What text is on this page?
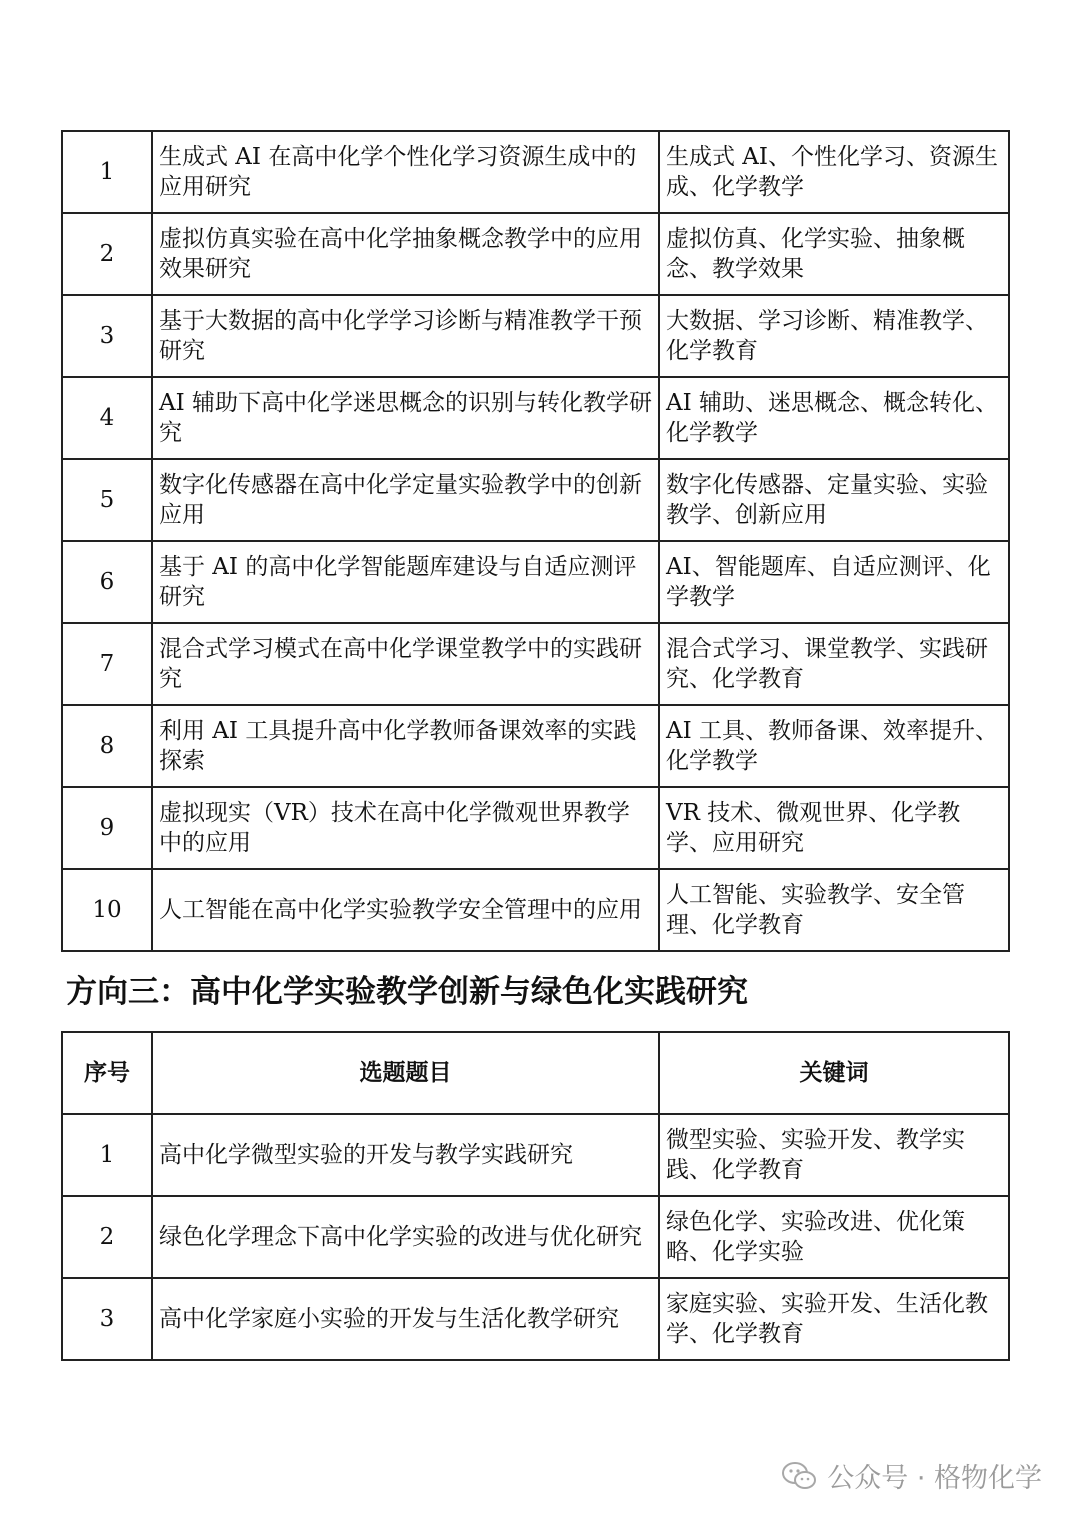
1	生成式 AI 在高中化学个性化学习资源生成中的应用研究	生成式 AI、个性化学习、资源生成、化学教学
2	虚拟仿真实验在高中化学抽象概念教学中的应用效果研究	虚拟仿真、化学实验、抽象概念、教学效果
3	基于大数据的高中化学学习诊断与精准教学干预研究	大数据、学习诊断、精准教学、化学教育
4	AI 辅助下高中化学迷思概念的识别与转化教学研究	AI 辅助、迷思概念、概念转化、化学教学
5	数字化传感器在高中化学定量实验教学中的创新应用	数字化传感器、定量实验、实验教学、创新应用
6	基于 AI 的高中化学智能题库建设与自适应测评研究	AI、智能题库、自适应测评、化学教学
7	混合式学习模式在高中化学课堂教学中的实践研究	混合式学习、课堂教学、实践研究、化学教育
8	利用 AI 工具提升高中化学教师备课效率的实践探索	AI 工具、教师备课、效率提升、化学教学
9	虚拟现实（VR）技术在高中化学微观世界教学中的应用	VR 技术、微观世界、化学教学、应用研究
10	人工智能在高中化学实验教学安全管理中的应用	人工智能、实验教学、安全管理、化学教育
方向三：高中化学实验教学创新与绿色化实践研究
序号	选题题目	关键词
1	高中化学微型实验的开发与教学实践研究	微型实验、实验开发、教学实践、化学教育
2	绿色化学理念下高中化学实验的改进与优化研究	绿色化学、实验改进、优化策略、化学实验
3	高中化学家庭小实验的开发与生活化教学研究	家庭实验、实验开发、生活化教学、化学教育
公众号 · 格物化学
